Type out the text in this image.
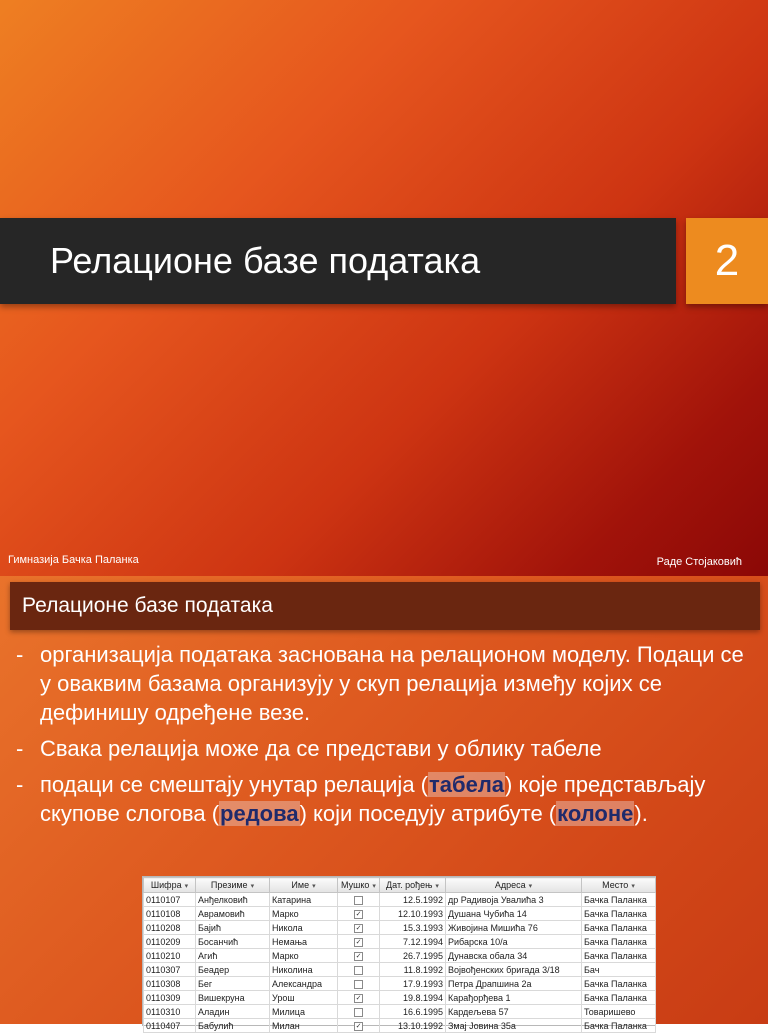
Релационе базе података	2
Гимназија Бачка Паланка	Раде Стојаковић
Релационе базе података
- организација података заснована на релационом моделу. Подаци се у оваквим базама организују у скуп релација између којих се дефинишу одређене везе.
- Свака релација може да се представи у облику табеле
- подаци се смештају унутар релација (табела) које представљају скупове слогова (редова) који поседују атрибуте (колоне).
Шифра ▾	Презиме ▾	Име ▾	Мушко ▾	Дат. рођењ ▾	Адреса ▾	Место ▾
0110107	Анђелковић	Катарина		12.5.1992	др Радивоја Увалића 3	Бачка Паланка
0110108	Аврамовић	Марко	✓	12.10.1993	Душана Чубића 14	Бачка Паланка
0110208	Бајић	Никола	✓	15.3.1993	Живојина Мишића 76	Бачка Паланка
0110209	Босанчић	Немања	✓	7.12.1994	Рибарска 10/а	Бачка Паланка
0110210	Агић	Марко	✓	26.7.1995	Дунавска обала 34	Бачка Паланка
0110307	Беадер	Николина		11.8.1992	Војвођенских бригада 3/18	Бач
0110308	Бег	Александра		17.9.1993	Петра Драпшина 2а	Бачка Паланка
0110309	Вишекруна	Урош	✓	19.8.1994	Карађорђева 1	Бачка Паланка
0110310	Аладин	Милица		16.6.1995	Кардељева 57	Товаришево
0110407	Бабулић	Милан	✓	13.10.1992	Змај Јовина 35а	Бачка Паланка
